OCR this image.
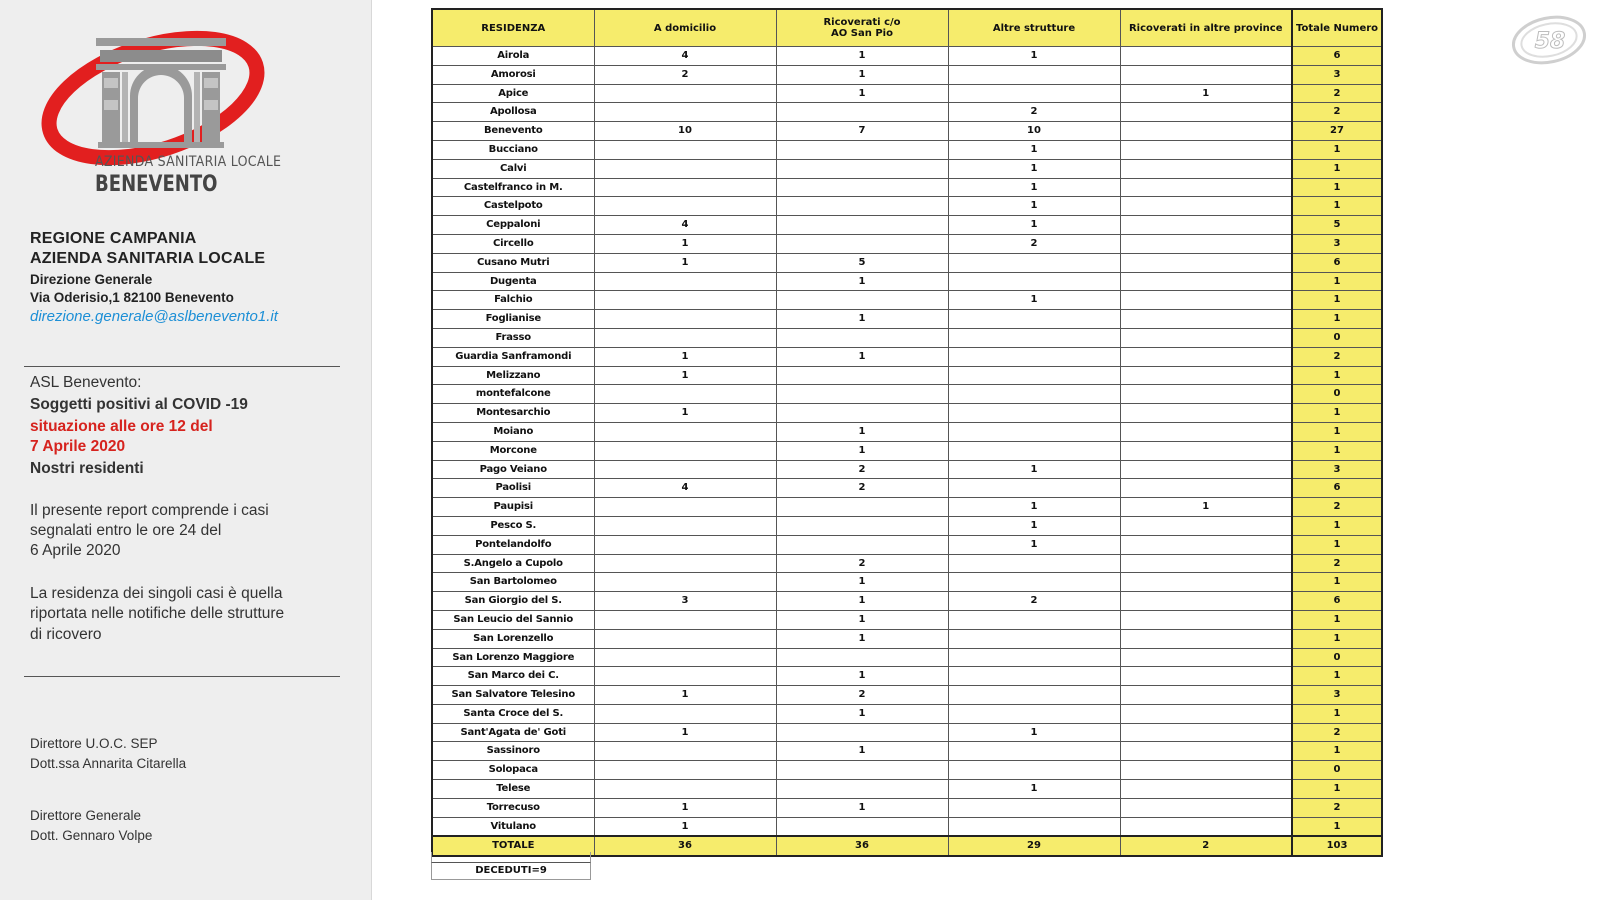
AZIENDA SANITARIA LOCALE
BENEVENTO
REGIONE CAMPANIA
AZIENDA SANITARIA LOCALE
Direzione Generale
Via Oderisio,1 82100 Benevento
direzione.generale@aslbenevento1.it
ASL Benevento:
Soggetti positivi al COVID -19
situazione alle ore 12 del
7 Aprile 2020
Nostri residenti
Il presente report comprende i casi
segnalati entro le ore 24 del
6 Aprile 2020
La residenza dei singoli casi è quella
riportata nelle notifiche delle strutture
di ricovero
Direttore U.O.C. SEP
Dott.ssa Annarita Citarella
Direttore Generale
Dott. Gennaro Volpe
RESIDENZA	A domicilio	Ricoverati c/o
AO San Pio	Altre strutture	Ricoverati in altre province	Totale Numero
Airola	4	1	1		6
Amorosi	2	1			3
Apice		1		1	2
Apollosa			2		2
Benevento	10	7	10		27
Bucciano			1		1
Calvi			1		1
Castelfranco in M.			1		1
Castelpoto			1		1
Ceppaloni	4		1		5
Circello	1		2		3
Cusano Mutri	1	5			6
Dugenta		1			1
Falchio			1		1
Foglianise		1			1
Frasso					0
Guardia Sanframondi	1	1			2
Melizzano	1				1
montefalcone					0
Montesarchio	1				1
Moiano		1			1
Morcone		1			1
Pago Veiano		2	1		3
Paolisi	4	2			6
Paupisi			1	1	2
Pesco S.			1		1
Pontelandolfo			1		1
S.Angelo a Cupolo		2			2
San Bartolomeo		1			1
San Giorgio del S.	3	1	2		6
San Leucio del Sannio		1			1
San Lorenzello		1			1
San Lorenzo Maggiore					0
San Marco dei C.		1			1
San Salvatore Telesino	1	2			3
Santa Croce del S.		1			1
Sant'Agata de' Goti	1		1		2
Sassinoro		1			1
Solopaca					0
Telese			1		1
Torrecuso	1	1			2
Vitulano	1				1
TOTALE	36	36	29	2	103
DECEDUTI=9
58
